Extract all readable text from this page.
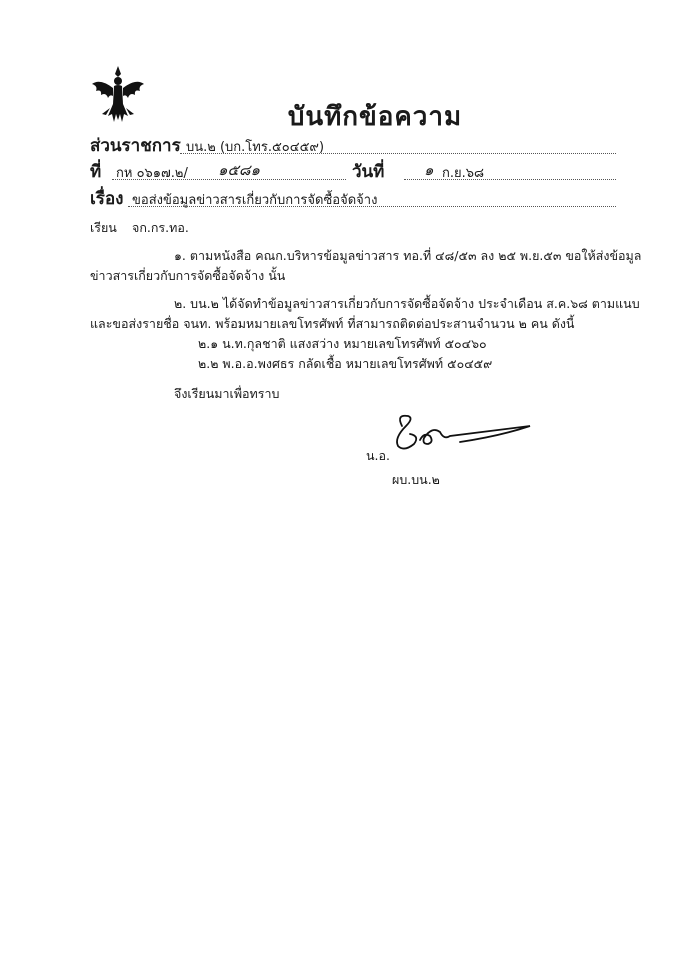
บันทึกข้อความ
ส่วนราชการ บน.๒ (บก.โทร.๕๐๔๕๙)
ที่ กห ๐๖๑๗.๒/ ๑๕๘๑	วันที่	๑ ก.ย.๖๘
เรื่อง ขอส่งข้อมูลข่าวสารเกี่ยวกับการจัดซื้อจัดจ้าง
เรียน จก.กร.ทอ.
๑. ตามหนังสือ คณก.บริหารข้อมูลข่าวสาร ทอ.ที่ ๔๘/๕๓ ลง ๒๕ พ.ย.๕๓ ขอให้ส่งข้อมูล
ข่าวสารเกี่ยวกับการจัดซื้อจัดจ้าง นั้น
๒. บน.๒ ได้จัดทำข้อมูลข่าวสารเกี่ยวกับการจัดซื้อจัดจ้าง ประจำเดือน ส.ค.๖๘ ตามแนบ
และขอส่งรายชื่อ จนท. พร้อมหมายเลขโทรศัพท์ ที่สามารถติดต่อประสานจำนวน ๒ คน ดังนี้
๒.๑ น.ท.กุลชาติ แสงสว่าง หมายเลขโทรศัพท์ ๕๐๔๖๐
๒.๒ พ.อ.อ.พงศธร กลัดเชื้อ หมายเลขโทรศัพท์ ๕๐๔๕๙
จึงเรียนมาเพื่อทราบ
น.อ.
ผบ.บน.๒
